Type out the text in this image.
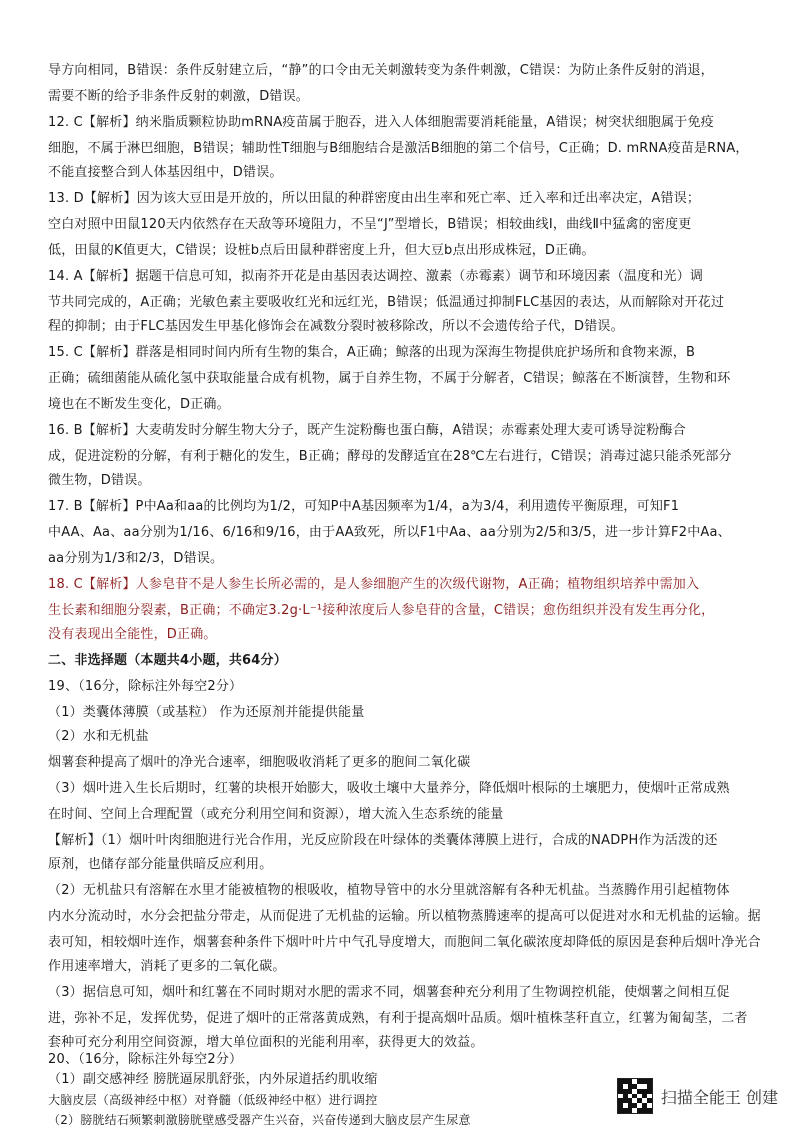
导方向相同，B错误：条件反射建立后，“静”的口令由无关刺激转变为条件刺激，C错误：为防止条件反射的消退，
需要不断的给予非条件反射的刺激，D错误。
12. C【解析】纳米脂质颗粒协助mRNA疫苗属于胞吞，进入人体细胞需要消耗能量，A错误；树突状细胞属于免疫
细胞，不属于淋巴细胞，B错误；辅助性T细胞与B细胞结合是激活B细胞的第二个信号，C正确；D. mRNA疫苗是RNA，
不能直接整合到人体基因组中，D错误。
13. D【解析】因为该大豆田是开放的，所以田鼠的种群密度由出生率和死亡率、迁入率和迁出率决定，A错误；
空白对照中田鼠120天内依然存在天敌等环境阻力，不呈“J”型增长，B错误；相较曲线Ⅰ，曲线Ⅱ中猛禽的密度更
低，田鼠的K值更大，C错误；设桩b点后田鼠种群密度上升，但大豆b点出形成株冠，D正确。
14. A【解析】据题干信息可知，拟南芥开花是由基因表达调控、激素（赤霉素）调节和环境因素（温度和光）调
节共同完成的，A正确；光敏色素主要吸收红光和远红光，B错误；低温通过抑制FLC基因的表达，从而解除对开花过
程的抑制；由于FLC基因发生甲基化修饰会在减数分裂时被移除改，所以不会遗传给子代，D错误。
15. C【解析】群落是相同时间内所有生物的集合，A正确；鲸落的出现为深海生物提供庇护场所和食物来源，B
正确；硫细菌能从硫化氢中获取能量合成有机物，属于自养生物，不属于分解者，C错误；鲸落在不断演替，生物和环
境也在不断发生变化，D正确。
16. B【解析】大麦萌发时分解生物大分子，既产生淀粉酶也蛋白酶，A错误；赤霉素处理大麦可诱导淀粉酶合
成，促进淀粉的分解，有利于糖化的发生，B正确；酵母的发酵适宜在28℃左右进行，C错误；消毒过滤只能杀死部分
微生物，D错误。
17. B【解析】P中Aa和aa的比例均为1/2，可知P中A基因频率为1/4，a为3/4，利用遗传平衡原理，可知F1
中AA、Aa、aa分别为1/16、6/16和9/16，由于AA致死，所以F1中Aa、aa分别为2/5和3/5，进一步计算F2中Aa、
aa分别为1/3和2/3，D错误。
18. C【解析】人参皂苷不是人参生长所必需的，是人参细胞产生的次级代谢物，A正确；植物组织培养中需加入
生长素和细胞分裂素，B正确；不确定3.2g·L⁻¹接种浓度后人参皂苷的含量，C错误；愈伤组织并没有发生再分化，
没有表现出全能性，D正确。
二、非选择题（本题共4小题，共64分）
19、（16分，除标注外每空2分）
（1）类囊体薄膜（或基粒） 作为还原剂并能提供能量
（2）水和无机盐
烟薯套种提高了烟叶的净光合速率，细胞吸收消耗了更多的胞间二氧化碳
（3）烟叶进入生长后期时，红薯的块根开始膨大，吸收土壤中大量养分，降低烟叶根际的土壤肥力，使烟叶正常成熟
在时间、空间上合理配置（或充分利用空间和资源），增大流入生态系统的能量
【解析】（1）烟叶叶肉细胞进行光合作用，光反应阶段在叶绿体的类囊体薄膜上进行，合成的NADPH作为活泼的还
原剂，也储存部分能量供暗反应利用。
（2）无机盐只有溶解在水里才能被植物的根吸收，植物导管中的水分里就溶解有各种无机盐。当蒸腾作用引起植物体
内水分流动时，水分会把盐分带走，从而促进了无机盐的运输。所以植物蒸腾速率的提高可以促进对水和无机盐的运输。据
表可知，相较烟叶连作，烟薯套种条件下烟叶叶片中气孔导度增大，而胞间二氧化碳浓度却降低的原因是套种后烟叶净光合
作用速率增大，消耗了更多的二氧化碳。
（3）据信息可知，烟叶和红薯在不同时期对水肥的需求不同，烟薯套种充分利用了生物调控机能，使烟薯之间相互促
进，弥补不足，发挥优势，促进了烟叶的正常落黄成熟，有利于提高烟叶品质。烟叶植株茎秆直立，红薯为匍匐茎，二者
套种可充分利用空间资源，增大单位面积的光能利用率，获得更大的效益。
20、（16分，除标注外每空2分）
（1）副交感神经 膀胱逼尿肌舒张，内外尿道括约肌收缩
大脑皮层（高级神经中枢）对脊髓（低级神经中枢）进行调控
（2）膀胱结石频繁刺激膀胱壁感受器产生兴奋，兴奋传递到大脑皮层产生尿意
扫描全能王 创建
